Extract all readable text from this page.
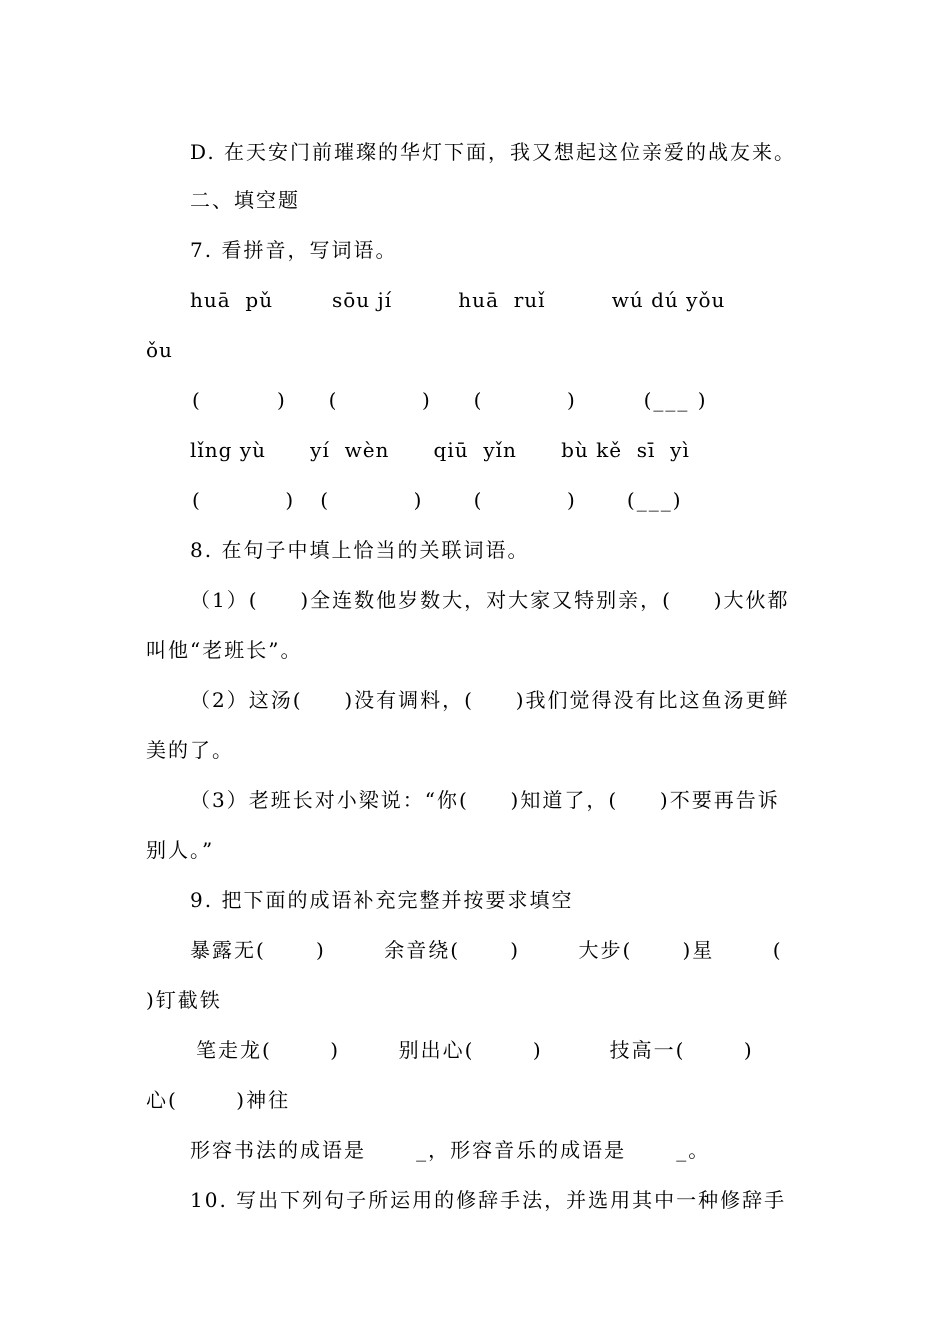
D. 在天安门前璀璨的华灯下面，我又想起这位亲爱的战友来。

二、填空题

7. 看拼音，写词语。

huā  pǔ        sōu jí         huā  ruǐ         wú dú yǒu

ǒu

(         )     (          )     (          )        (___ )

lǐng yù      yí  wèn      qiū  yǐn      bù kě  sī  yì

(          )   (          )      (          )      (___)

8. 在句子中填上恰当的关联词语。

（1）(     )全连数他岁数大，对大家又特别亲，(     )大伙都

叫他“老班长”。

（2）这汤(     )没有调料，(     )我们觉得没有比这鱼汤更鲜

美的了。

（3）老班长对小梁说：“你(     )知道了，(     )不要再告诉

别人。”

9. 把下面的成语补充完整并按要求填空

暴露无(      )       余音绕(      )       大步(      )星       (

)钉截铁

笔走龙(       )       别出心(       )        技高一(       )

心(       )神往

形容书法的成语是      _，形容音乐的成语是      _。

10. 写出下列句子所运用的修辞手法，并选用其中一种修辞手
